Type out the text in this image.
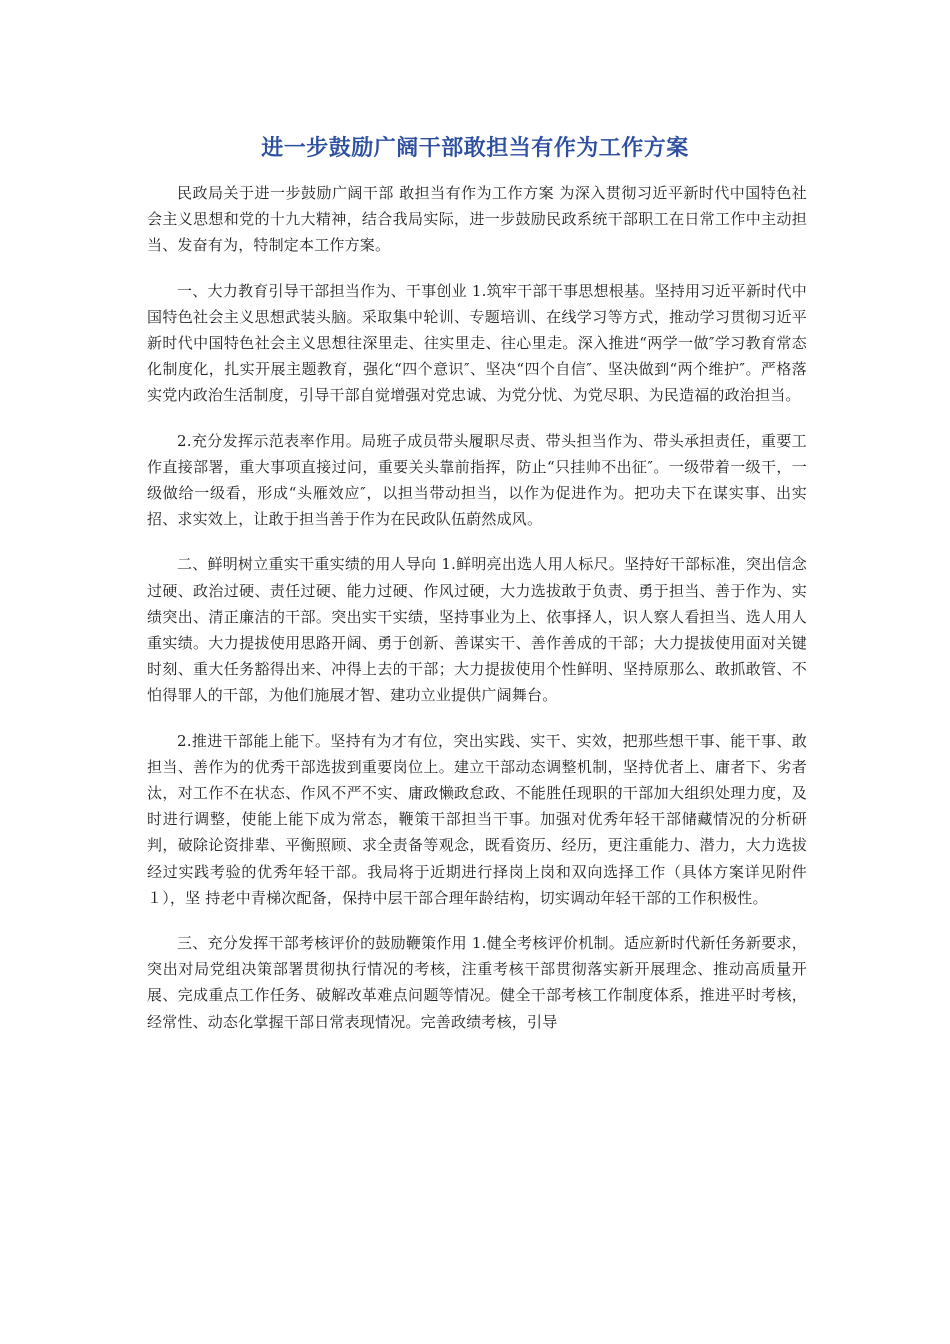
进一步鼓励广阔干部敢担当有作为工作方案

民政局关于进一步鼓励广阔干部 敢担当有作为工作方案 为深入贯彻习近平新时代中国特色社会主义思想和党的十九大精神，结合我局实际，进一步鼓励民政系统干部职工在日常工作中主动担当、发奋有为，特制定本工作方案。

一、大力教育引导干部担当作为、干事创业 1.筑牢干部干事思想根基。坚持用习近平新时代中国特色社会主义思想武装头脑。采取集中轮训、专题培训、在线学习等方式，推动学习贯彻习近平新时代中国特色社会主义思想往深里走、往实里走、往心里走。深入推进“两学一做″学习教育常态化制度化，扎实开展主题教育，强化“四个意识″、坚决“四个自信″、坚决做到“两个维护″。严格落实党内政治生活制度，引导干部自觉增强对党忠诚、为党分忧、为党尽职、为民造福的政治担当。

2.充分发挥示范表率作用。局班子成员带头履职尽责、带头担当作为、带头承担责任，重要工作直接部署，重大事项直接过问，重要关头靠前指挥，防止“只挂帅不出征″。一级带着一级干，一级做给一级看，形成“头雁效应″，以担当带动担当，以作为促进作为。把功夫下在谋实事、出实 招、求实效上，让敢于担当善于作为在民政队伍蔚然成风。

二、鲜明树立重实干重实绩的用人导向 1.鲜明亮出选人用人标尺。坚持好干部标准，突出信念过硬、政治过硬、责任过硬、能力过硬、作风过硬，大力选拔敢于负责、勇于担当、善于作为、实绩突出、清正廉洁的干部。突出实干实绩，坚持事业为上、依事择人，识人察人看担当、选人用人重实绩。大力提拔使用思路开阔、勇于创新、善谋实干、善作善成的干部；大力提拔使用面对关键时刻、重大任务豁得出来、冲得上去的干部；大力提拔使用个性鲜明、坚持原那么、敢抓敢管、不怕得罪人的干部，为他们施展才智、建功立业提供广阔舞台。

2.推进干部能上能下。坚持有为才有位，突出实践、实干、实效，把那些想干事、能干事、敢担当、善作为的优秀干部选拔到重要岗位上。建立干部动态调整机制，坚持优者上、庸者下、劣者汰，对工作不在状态、作风不严不实、庸政懒政怠政、不能胜任现职的干部加大组织处理力度，及时进行调整，使能上能下成为常态，鞭策干部担当干事。加强对优秀年轻干部储藏情况的分析研判，破除论资排辈、平衡照顾、求全责备等观念，既看资历、经历，更注重能力、潜力，大力选拔经过实践考验的优秀年轻干部。我局将于近期进行择岗上岗和双向选择工作（具体方案详见附件１），坚 持老中青梯次配备，保持中层干部合理年龄结构，切实调动年轻干部的工作积极性。

三、充分发挥干部考核评价的鼓励鞭策作用 1.健全考核评价机制。适应新时代新任务新要求，突出对局党组决策部署贯彻执行情况的考核，注重考核干部贯彻落实新开展理念、推动高质量开展、完成重点工作任务、破解改革难点问题等情况。健全干部考核工作制度体系，推进平时考核，经常性、动态化掌握干部日常表现情况。完善政绩考核，引导
